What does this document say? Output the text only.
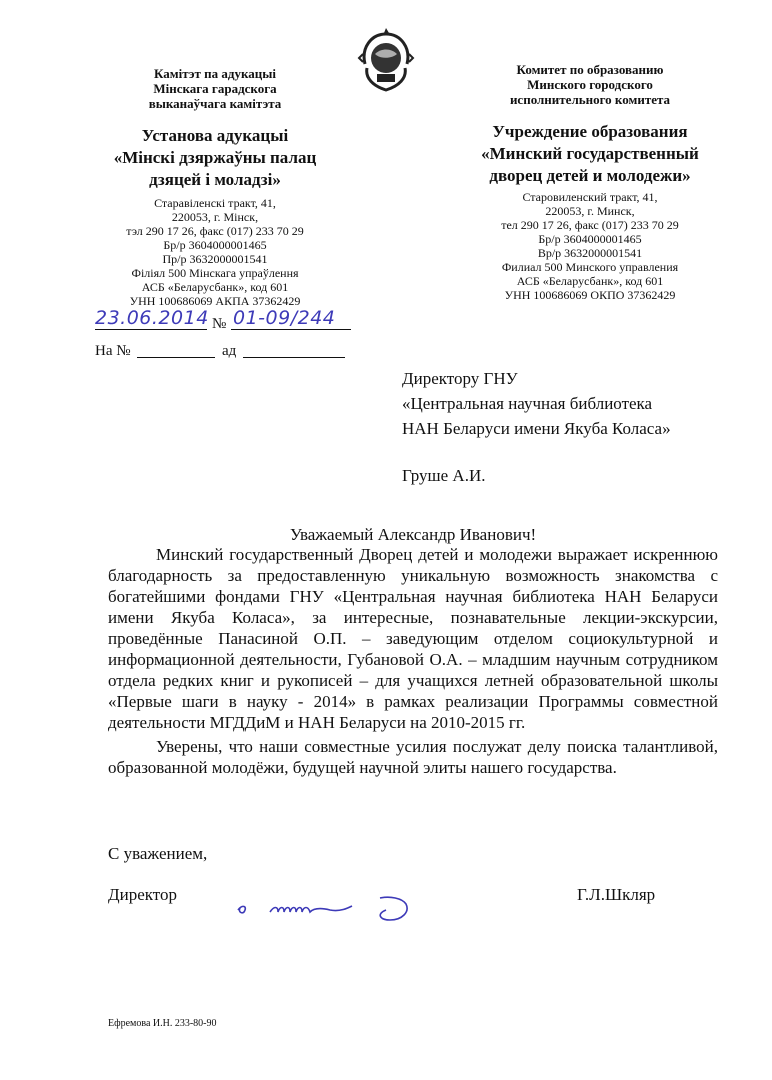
Камітэт па адукацыі
Мінскага гарадскога
выканаўчага камітэта
Установа адукацыі
«Мінскі дзяржаўны палац
дзяцей і моладзі»
Старавіленскі тракт, 41,
220053, г. Мінск,
тэл 290 17 26, факс (017) 233 70 29
Бр/р 3604000001465
Пр/р 3632000001541
Філіял 500 Мінскага упраўлення
АСБ «Беларусбанк», код 601
УНН 100686069 АКПА 37362429
Комитет по образованию
Минского городского
исполнительного комитета
Учреждение образования
«Минский государственный
дворец детей и молодежи»
Старовиленский тракт, 41,
220053, г. Минск,
тел 290 17 26, факс (017) 233 70 29
Бр/р 3604000001465
Вр/р 3632000001541
Филиал 500 Минского управления
АСБ «Беларусбанк», код 601
УНН 100686069 ОКПО 37362429
23.06.2014 № 01-09/244
На №	ад
Директору ГНУ
«Центральная научная библиотека
НАН Беларуси имени Якуба Коласа»
Груше А.И.
Уважаемый Александр Иванович!

Минский государственный Дворец детей и молодежи выражает искреннюю благодарность за предоставленную уникальную возможность знакомства с богатейшими фондами ГНУ «Центральная научная библиотека НАН Беларуси имени Якуба Коласа», за интересные, познавательные лекции-экскурсии, проведённые Панасиной О.П. – заведующим отделом социокультурной и информационной деятельности, Губановой О.А. – младшим научным сотрудником отдела редких книг и рукописей – для учащихся летней образовательной школы «Первые шаги в науку - 2014» в рамках реализации Программы совместной деятельности МГДДиМ и НАН Беларуси на 2010-2015 гг.

Уверены, что наши совместные усилия послужат делу поиска талантливой, образованной молодёжи, будущей научной элиты нашего государства.

С уважением,
Директор	Г.Л.Шкляр
Ефремова И.Н. 233-80-90
